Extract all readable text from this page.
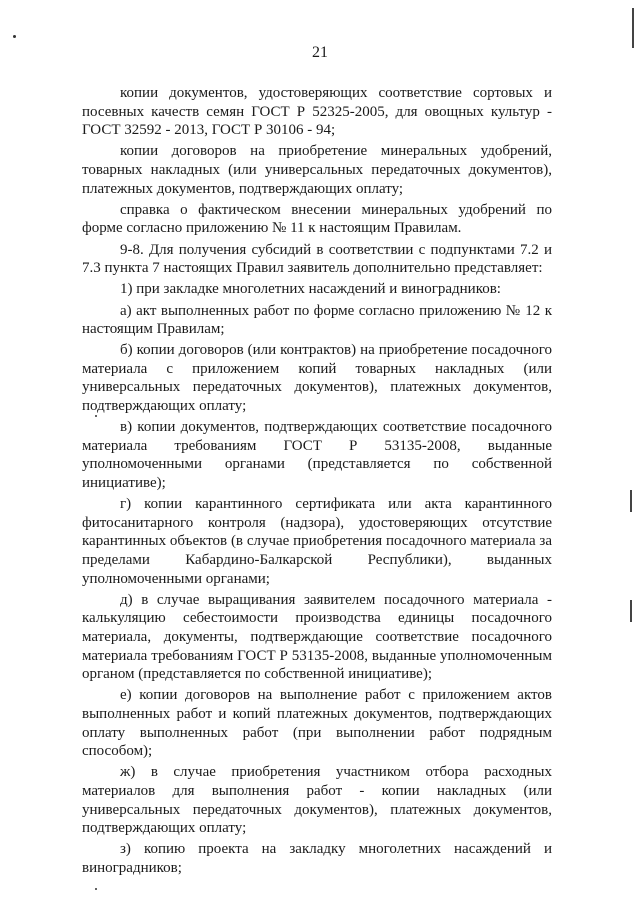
21

копии документов, удостоверяющих соответствие сортовых и посевных качеств семян ГОСТ Р 52325-2005, для овощных культур - ГОСТ 32592 - 2013, ГОСТ Р 30106 - 94;

копии договоров на приобретение минеральных удобрений, товарных накладных (или универсальных передаточных документов), платежных документов, подтверждающих оплату;

справка о фактическом внесении минеральных удобрений по форме согласно приложению № 11 к настоящим Правилам.

9-8. Для получения субсидий в соответствии с подпунктами 7.2 и 7.3 пункта 7 настоящих Правил заявитель дополнительно представляет:

1) при закладке многолетних насаждений и виноградников:

а) акт выполненных работ по форме согласно приложению № 12 к настоящим Правилам;

б) копии договоров (или контрактов) на приобретение посадочного материала с приложением копий товарных накладных (или универсальных передаточных документов), платежных документов, подтверждающих оплату;

в) копии документов, подтверждающих соответствие посадочного материала требованиям ГОСТ Р 53135-2008, выданные уполномоченными органами (представляется по собственной инициативе);

г) копии карантинного сертификата или акта карантинного фитосанитарного контроля (надзора), удостоверяющих отсутствие карантинных объектов (в случае приобретения посадочного материала за пределами Кабардино-Балкарской Республики), выданных уполномоченными органами;

д) в случае выращивания заявителем посадочного материала - калькуляцию себестоимости производства единицы посадочного материала, документы, подтверждающие соответствие посадочного материала требованиям ГОСТ Р 53135-2008, выданные уполномоченным органом (представляется по собственной инициативе);

е) копии договоров на выполнение работ с приложением актов выполненных работ и копий платежных документов, подтверждающих оплату выполненных работ (при выполнении работ подрядным способом);

ж) в случае приобретения участником отбора расходных материалов для выполнения работ - копии накладных (или универсальных передаточных документов), платежных документов, подтверждающих оплату;

з) копию проекта на закладку многолетних насаждений и виноградников;
